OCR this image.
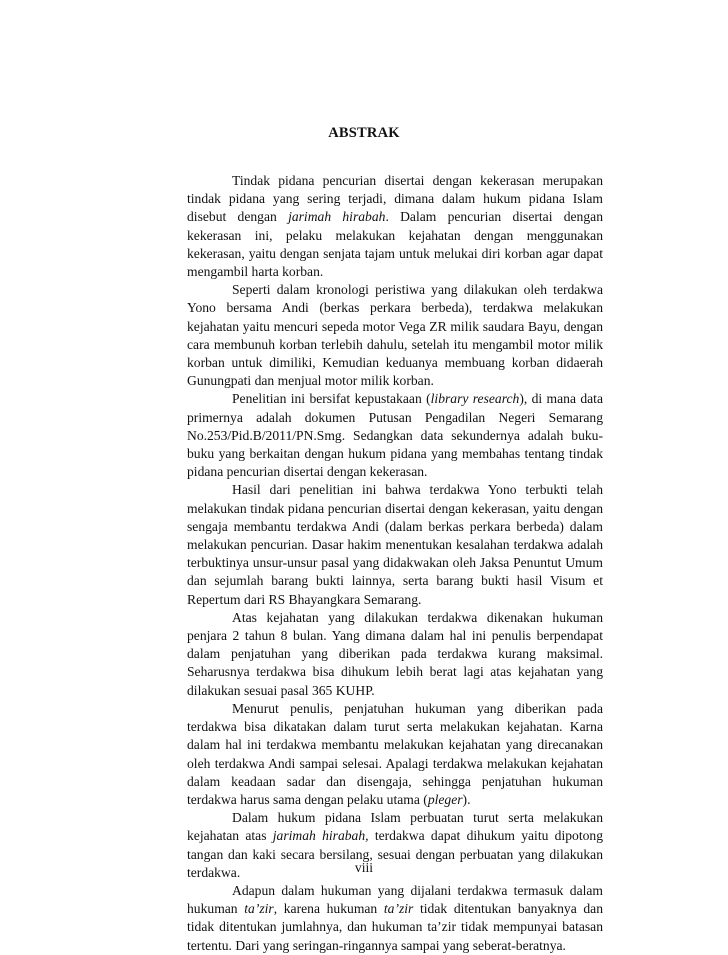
ABSTRAK

Tindak pidana pencurian disertai dengan kekerasan merupakan tindak pidana yang sering terjadi, dimana dalam hukum pidana Islam disebut dengan jarimah hirabah. Dalam pencurian disertai dengan kekerasan ini, pelaku melakukan kejahatan dengan menggunakan kekerasan, yaitu dengan senjata tajam untuk melukai diri korban agar dapat mengambil harta korban.

Seperti dalam kronologi peristiwa yang dilakukan oleh terdakwa Yono bersama Andi (berkas perkara berbeda), terdakwa melakukan kejahatan yaitu mencuri sepeda motor Vega ZR milik saudara Bayu, dengan cara membunuh korban terlebih dahulu, setelah itu mengambil motor milik korban untuk dimiliki, Kemudian keduanya membuang korban didaerah Gunungpati dan menjual motor milik korban.

Penelitian ini bersifat kepustakaan (library research), di mana data primernya adalah dokumen Putusan Pengadilan Negeri Semarang No.253/Pid.B/2011/PN.Smg. Sedangkan data sekundernya adalah buku-buku yang berkaitan dengan hukum pidana yang membahas tentang tindak pidana pencurian disertai dengan kekerasan.

Hasil dari penelitian ini bahwa terdakwa Yono terbukti telah melakukan tindak pidana pencurian disertai dengan kekerasan, yaitu dengan sengaja membantu terdakwa Andi (dalam berkas perkara berbeda) dalam melakukan pencurian. Dasar hakim menentukan kesalahan terdakwa adalah terbuktinya unsur-unsur pasal yang didakwakan oleh Jaksa Penuntut Umum dan sejumlah barang bukti lainnya, serta barang bukti hasil Visum et Repertum dari RS Bhayangkara Semarang.

Atas kejahatan yang dilakukan terdakwa dikenakan hukuman penjara 2 tahun 8 bulan. Yang dimana dalam hal ini penulis berpendapat dalam penjatuhan yang diberikan pada terdakwa kurang maksimal. Seharusnya terdakwa bisa dihukum lebih berat lagi atas kejahatan yang dilakukan sesuai pasal 365 KUHP.

Menurut penulis, penjatuhan hukuman yang diberikan pada terdakwa bisa dikatakan dalam turut serta melakukan kejahatan. Karna dalam hal ini terdakwa membantu melakukan kejahatan yang direcanakan oleh terdakwa Andi sampai selesai. Apalagi terdakwa melakukan kejahatan dalam keadaan sadar dan disengaja, sehingga penjatuhan hukuman terdakwa harus sama dengan pelaku utama (pleger).

Dalam hukum pidana Islam perbuatan turut serta melakukan kejahatan atas jarimah hirabah, terdakwa dapat dihukum yaitu dipotong tangan dan kaki secara bersilang, sesuai dengan perbuatan yang dilakukan terdakwa.

Adapun dalam hukuman yang dijalani terdakwa termasuk dalam hukuman ta’zir, karena hukuman ta’zir tidak ditentukan banyaknya dan tidak ditentukan jumlahnya, dan hukuman ta’zir tidak mempunyai batasan tertentu. Dari yang seringan-ringannya sampai yang seberat-beratnya.

viii
